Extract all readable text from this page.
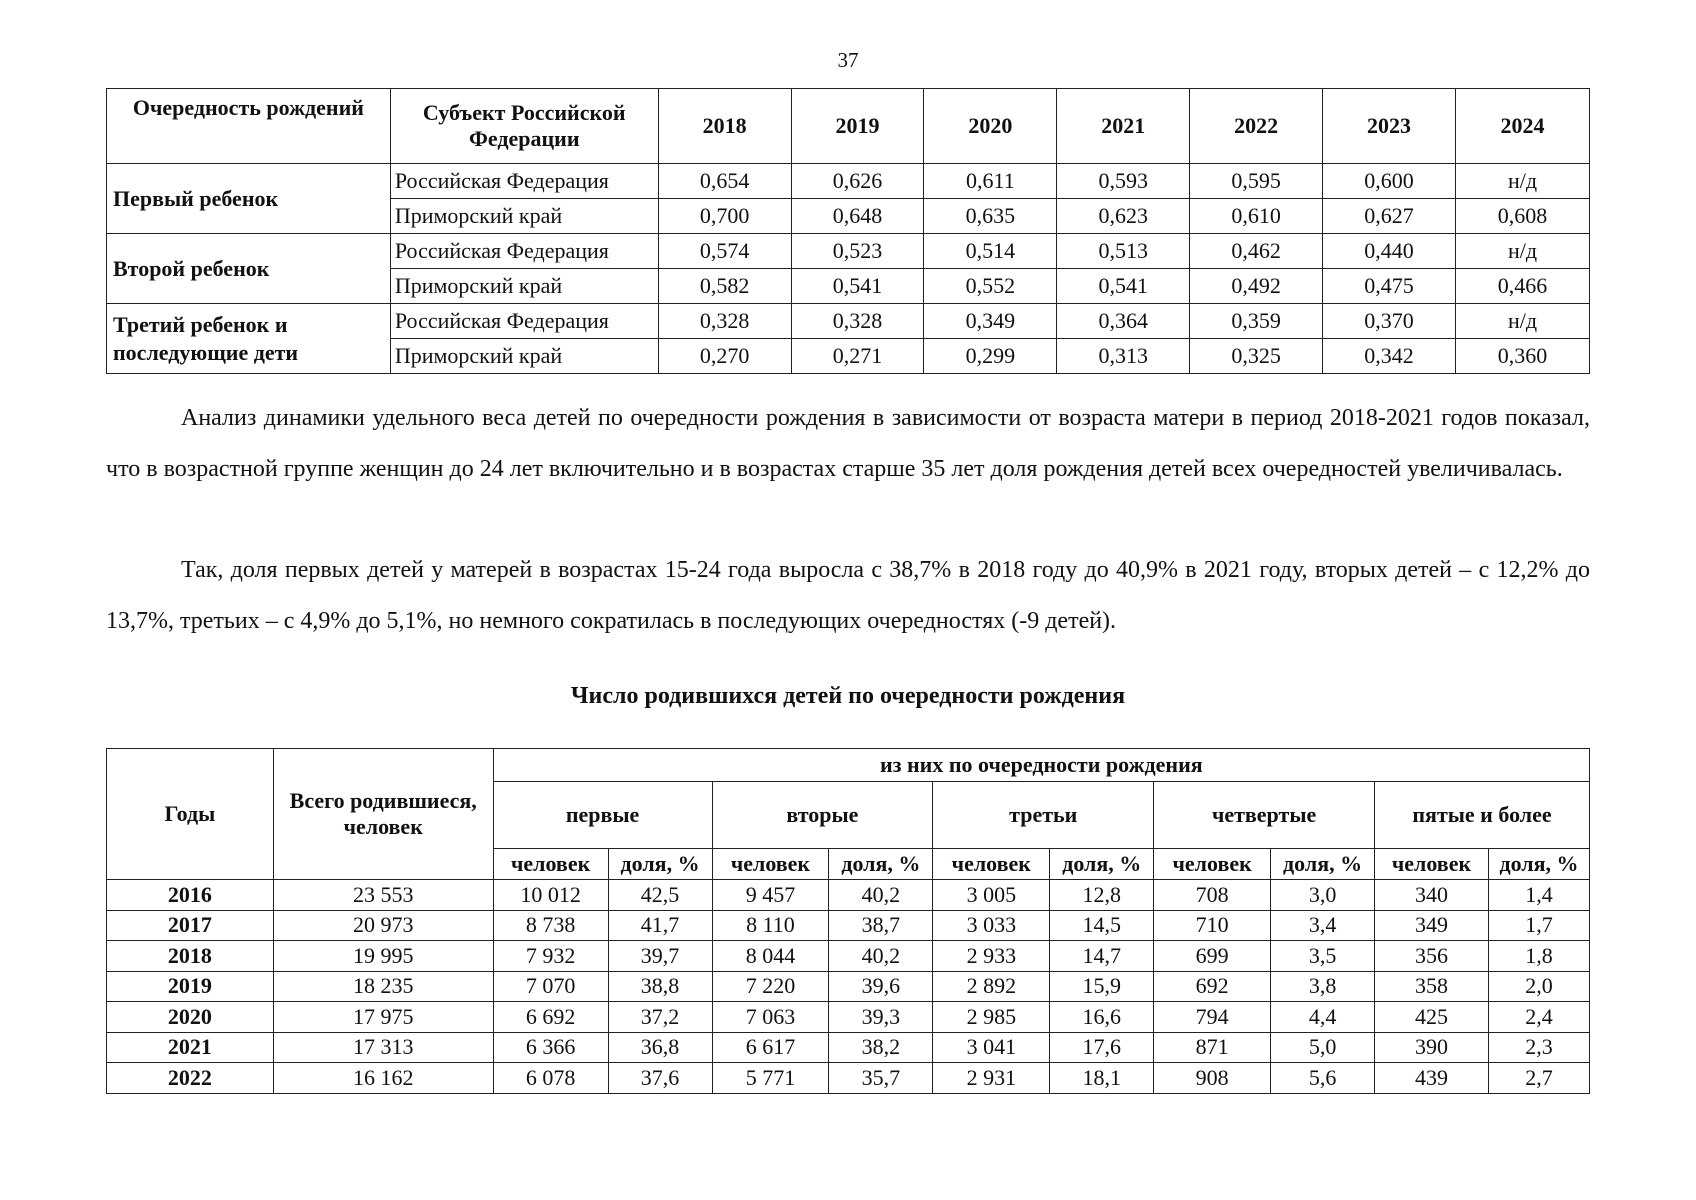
37
Очередность рождений	Субъект Российской Федерации	2018	2019	2020	2021	2022	2023	2024
Первый ребенок	Российская Федерация	0,654	0,626	0,611	0,593	0,595	0,600	н/д
	Приморский край	0,700	0,648	0,635	0,623	0,610	0,627	0,608
Второй ребенок	Российская Федерация	0,574	0,523	0,514	0,513	0,462	0,440	н/д
	Приморский край	0,582	0,541	0,552	0,541	0,492	0,475	0,466
Третий ребенок и последующие дети	Российская Федерация	0,328	0,328	0,349	0,364	0,359	0,370	н/д
	Приморский край	0,270	0,271	0,299	0,313	0,325	0,342	0,360

Анализ динамики удельного веса детей по очередности рождения в зависимости от возраста матери в период 2018-2021 годов показал, что в возрастной группе женщин до 24 лет включительно и в возрастах старше 35 лет доля рождения детей всех очередностей увеличивалась.

Так, доля первых детей у матерей в возрастах 15-24 года выросла с 38,7% в 2018 году до 40,9% в 2021 году, вторых детей – с 12,2% до 13,7%, третьих – с 4,9% до 5,1%, но немного сократилась в последующих очередностях (-9 детей).

Число родившихся детей по очередности рождения
Годы	Всего родившиеся, человек	из них по очередности рождения									
		первые		вторые		третьи		четвертые		пятые и более	
		человек	доля, %	человек	доля, %	человек	доля, %	человек	доля, %	человек	доля, %
2016	23 553	10 012	42,5	9 457	40,2	3 005	12,8	708	3,0	340	1,4
2017	20 973	8 738	41,7	8 110	38,7	3 033	14,5	710	3,4	349	1,7
2018	19 995	7 932	39,7	8 044	40,2	2 933	14,7	699	3,5	356	1,8
2019	18 235	7 070	38,8	7 220	39,6	2 892	15,9	692	3,8	358	2,0
2020	17 975	6 692	37,2	7 063	39,3	2 985	16,6	794	4,4	425	2,4
2021	17 313	6 366	36,8	6 617	38,2	3 041	17,6	871	5,0	390	2,3
2022	16 162	6 078	37,6	5 771	35,7	2 931	18,1	908	5,6	439	2,7
